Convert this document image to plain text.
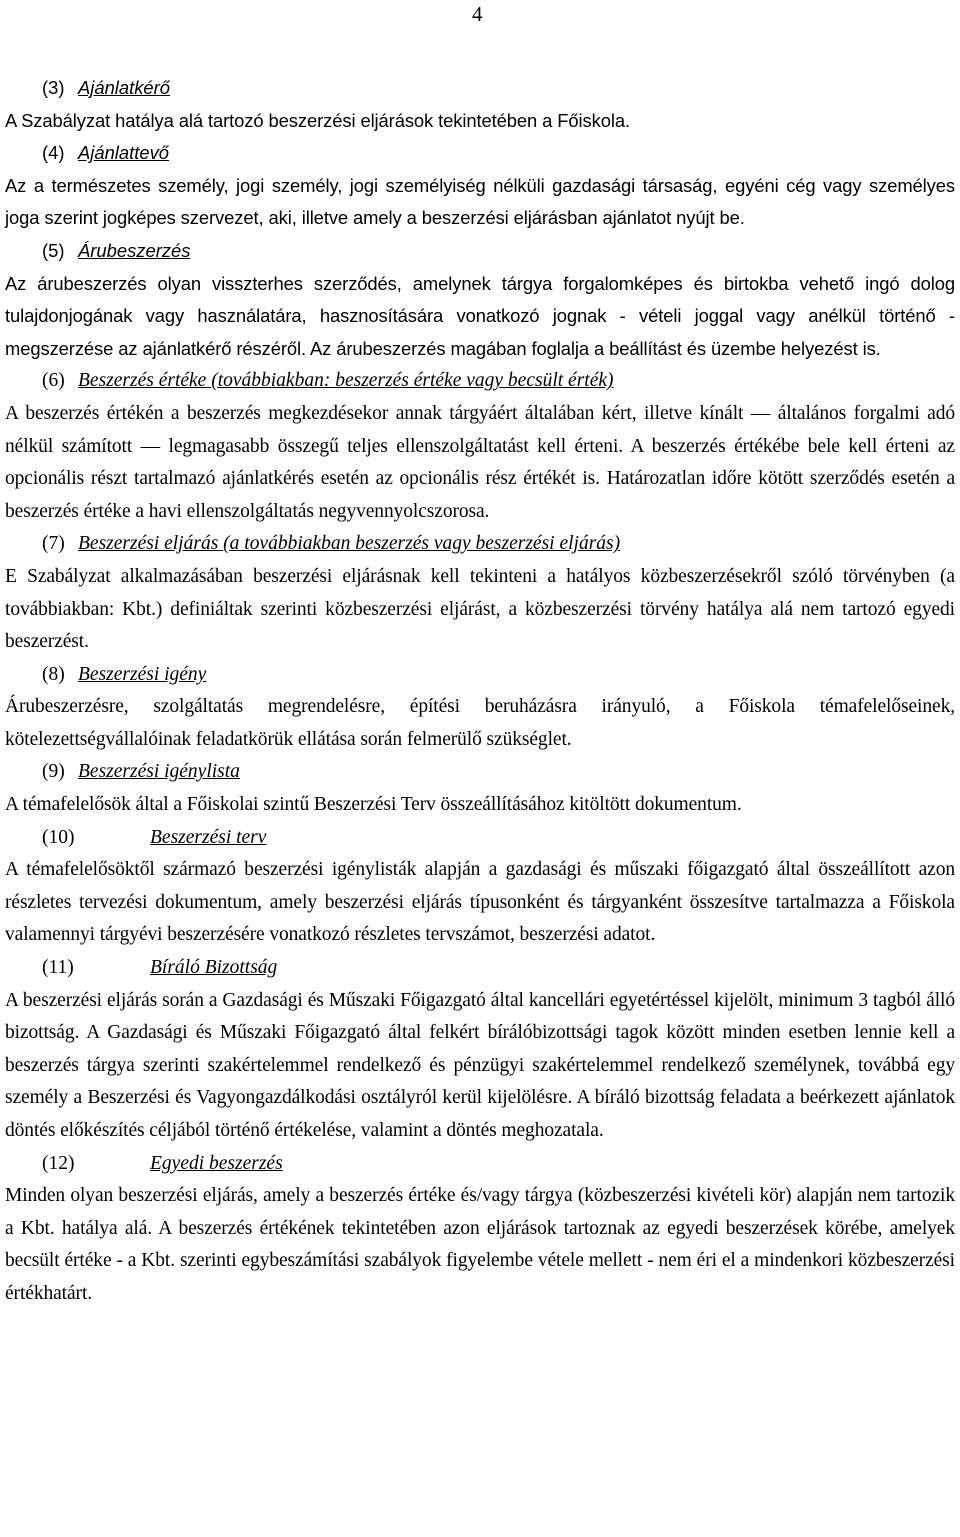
4
(3) Ajánlatkérő
A Szabályzat hatálya alá tartozó beszerzési eljárások tekintetében a Főiskola.
(4) Ajánlattevő
Az a természetes személy, jogi személy, jogi személyiség nélküli gazdasági társaság, egyéni cég vagy személyes joga szerint jogképes szervezet, aki, illetve amely a beszerzési eljárásban ajánlatot nyújt be.
(5) Árubeszerzés
Az árubeszerzés olyan visszterhes szerződés, amelynek tárgya forgalomképes és birtokba vehető ingó dolog tulajdonjogának vagy használatára, hasznosítására vonatkozó jognak - vételi joggal vagy anélkül történő - megszerzése az ajánlatkérő részéről. Az árubeszerzés magában foglalja a beállítást és üzembe helyezést is.
(6) Beszerzés értéke (továbbiakban: beszerzés értéke vagy becsült érték)
A beszerzés értékén a beszerzés megkezdésekor annak tárgyáért általában kért, illetve kínált — általános forgalmi adó nélkül számított — legmagasabb összegű teljes ellenszolgáltatást kell érteni. A beszerzés értékébe bele kell érteni az opcionális részt tartalmazó ajánlatkérés esetén az opcionális rész értékét is. Határozatlan időre kötött szerződés esetén a beszerzés értéke a havi ellenszolgáltatás negyvennyolcszorosa.
(7) Beszerzési eljárás (a továbbiakban beszerzés vagy beszerzési eljárás)
E Szabályzat alkalmazásában beszerzési eljárásnak kell tekinteni a hatályos közbeszerzésekről szóló törvényben (a továbbiakban: Kbt.) definiáltak szerinti közbeszerzési eljárást, a közbeszerzési törvény hatálya alá nem tartozó egyedi beszerzést.
(8) Beszerzési igény
Árubeszerzésre, szolgáltatás megrendelésre, építési beruházásra irányuló, a Főiskola témafelelőseinek, kötelezettségvállalóinak feladatkörük ellátása során felmerülő szükséglet.
(9) Beszerzési igénylista
A témafelelősök által a Főiskolai szintű Beszerzési Terv összeállításához kitöltött dokumentum.
(10)	Beszerzési terv
A témafelelősöktől származó beszerzési igénylisták alapján a gazdasági és műszaki főigazgató által összeállított azon részletes tervezési dokumentum, amely beszerzési eljárás típusonként és tárgyanként összesítve tartalmazza a Főiskola valamennyi tárgyévi beszerzésére vonatkozó részletes tervszámot, beszerzési adatot.
(11)	Bíráló Bizottság
A beszerzési eljárás során a Gazdasági és Műszaki Főigazgató által kancellári egyetértéssel kijelölt, minimum 3 tagból álló bizottság. A Gazdasági és Műszaki Főigazgató által felkért bírálóbizottsági tagok között minden esetben lennie kell a beszerzés tárgya szerinti szakértelemmel rendelkező és pénzügyi szakértelemmel rendelkező személynek, továbbá egy személy a Beszerzési és Vagyongazdálkodási osztályról kerül kijelölésre. A bíráló bizottság feladata a beérkezett ajánlatok döntés előkészítés céljából történő értékelése, valamint a döntés meghozatala.
(12)	Egyedi beszerzés
Minden olyan beszerzési eljárás, amely a beszerzés értéke és/vagy tárgya (közbeszerzési kivételi kör) alapján nem tartozik a Kbt. hatálya alá. A beszerzés értékének tekintetében azon eljárások tartoznak az egyedi beszerzések körébe, amelyek becsült értéke - a Kbt. szerinti egybeszámítási szabályok figyelembe vétele mellett - nem éri el a mindenkori közbeszerzési értékhatárt.
